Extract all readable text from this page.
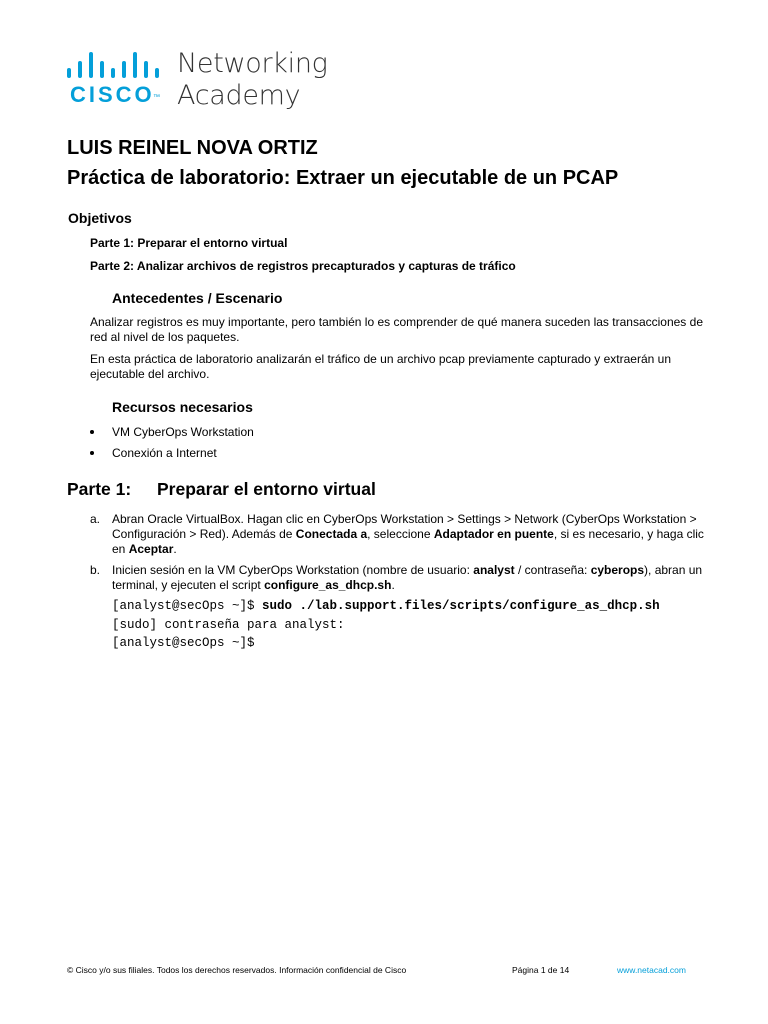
CISCO
™
Networking
Academy
LUIS REINEL NOVA ORTIZ
Práctica de laboratorio: Extraer un ejecutable de un PCAP
Objetivos
Parte 1: Preparar el entorno virtual
Parte 2: Analizar archivos de registros precapturados y capturas de tráfico
Antecedentes / Escenario
Analizar registros es muy importante, pero también lo es comprender de qué manera suceden las transacciones de red al nivel de los paquetes.
En esta práctica de laboratorio analizarán el tráfico de un archivo pcap previamente capturado y extraerán un ejecutable del archivo.
Recursos necesarios
VM CyberOps Workstation
Conexión a Internet
Parte 1: Preparar el entorno virtual
a. Abran Oracle VirtualBox. Hagan clic en CyberOps Workstation > Settings > Network (CyberOps Workstation > Configuración > Red). Además de Conectada a, seleccione Adaptador en puente, si es necesario, y haga clic en Aceptar.
b. Inicien sesión en la VM CyberOps Workstation (nombre de usuario: analyst / contraseña: cyberops), abran un terminal, y ejecuten el script configure_as_dhcp.sh.
[analyst@secOps ~]$ sudo ./lab.support.files/scripts/configure_as_dhcp.sh
[sudo] contraseña para analyst:
[analyst@secOps ~]$
© Cisco y/o sus filiales. Todos los derechos reservados. Información confidencial de Cisco	Página 1 de 14	www.netacad.com
